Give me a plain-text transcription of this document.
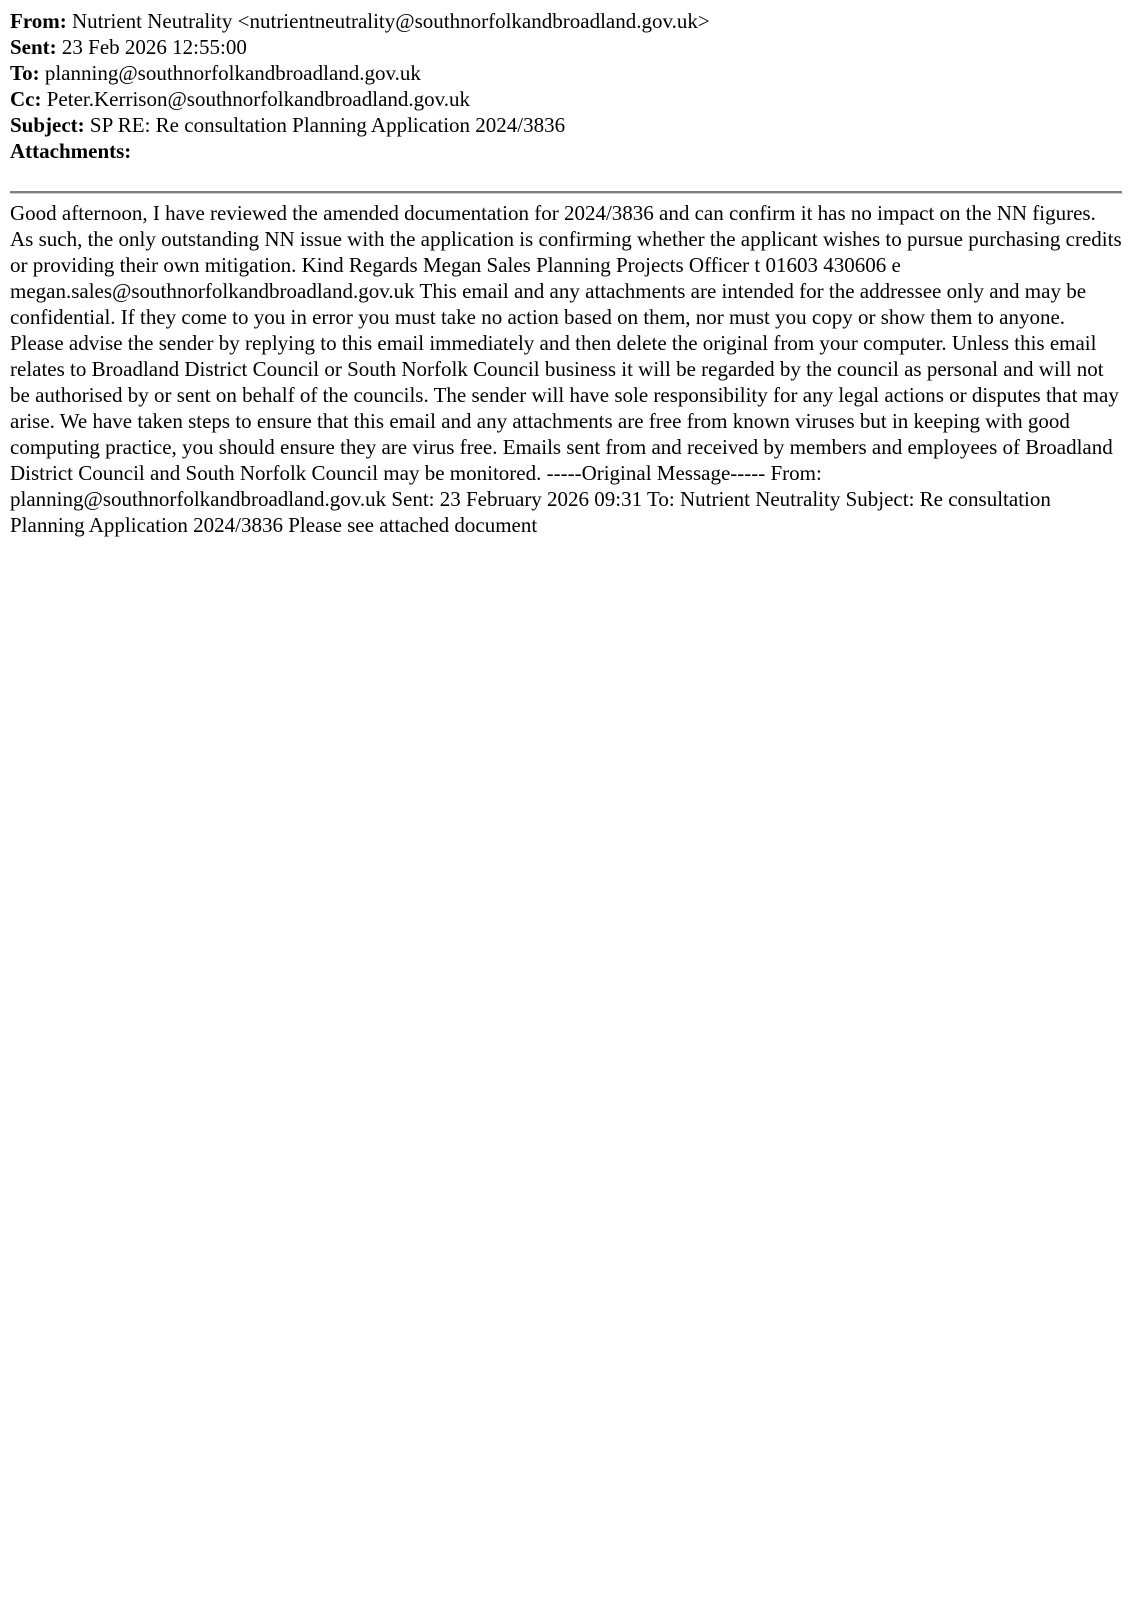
From: Nutrient Neutrality <nutrientneutrality@southnorfolkandbroadland.gov.uk>
Sent: 23 Feb 2026 12:55:00
To: planning@southnorfolkandbroadland.gov.uk
Cc: Peter.Kerrison@southnorfolkandbroadland.gov.uk
Subject: SP RE: Re consultation Planning Application 2024/3836
Attachments:
Good afternoon, I have reviewed the amended documentation for 2024/3836 and can confirm it has no impact on the NN figures. As such, the only outstanding NN issue with the application is confirming whether the applicant wishes to pursue purchasing credits or providing their own mitigation. Kind Regards Megan Sales Planning Projects Officer t 01603 430606 e megan.sales@southnorfolkandbroadland.gov.uk This email and any attachments are intended for the addressee only and may be confidential. If they come to you in error you must take no action based on them, nor must you copy or show them to anyone. Please advise the sender by replying to this email immediately and then delete the original from your computer. Unless this email relates to Broadland District Council or South Norfolk Council business it will be regarded by the council as personal and will not be authorised by or sent on behalf of the councils. The sender will have sole responsibility for any legal actions or disputes that may arise. We have taken steps to ensure that this email and any attachments are free from known viruses but in keeping with good computing practice, you should ensure they are virus free. Emails sent from and received by members and employees of Broadland District Council and South Norfolk Council may be monitored. -----Original Message----- From: planning@southnorfolkandbroadland.gov.uk Sent: 23 February 2026 09:31 To: Nutrient Neutrality Subject: Re consultation Planning Application 2024/3836 Please see attached document
